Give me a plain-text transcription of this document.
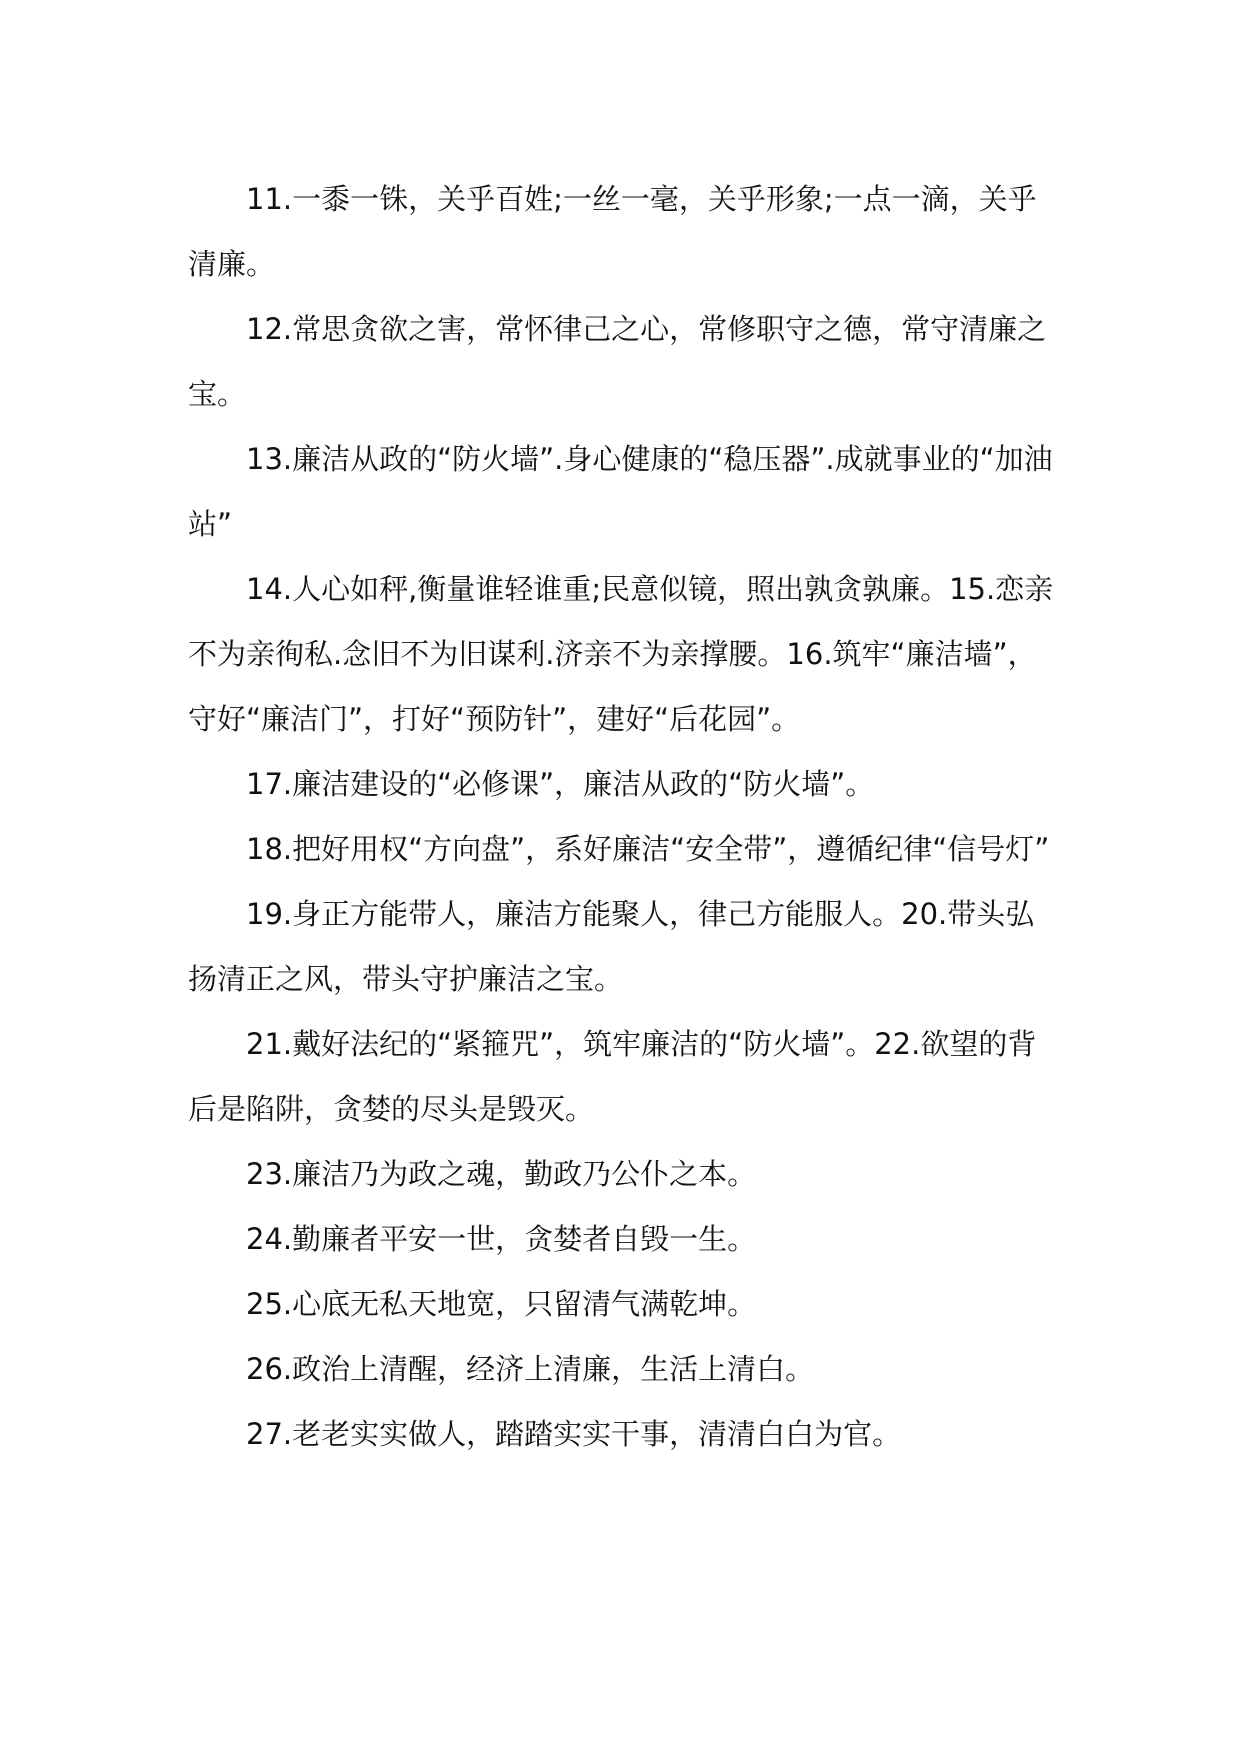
11.一黍一铢，关乎百姓;一丝一毫，关乎形象;一点一滴，关乎清廉。

12.常思贪欲之害，常怀律己之心，常修职守之德，常守清廉之宝。

13.廉洁从政的“防火墙”.身心健康的“稳压器”.成就事业的“加油站”

14.人心如秤,衡量谁轻谁重;民意似镜，照出孰贪孰廉。15.恋亲不为亲徇私.念旧不为旧谋利.济亲不为亲撑腰。16.筑牢“廉洁墙”，守好“廉洁门”，打好“预防针”，建好“后花园”。

17.廉洁建设的“必修课”，廉洁从政的“防火墙”。

18.把好用权“方向盘”，系好廉洁“安全带”，遵循纪律“信号灯”

19.身正方能带人，廉洁方能聚人，律己方能服人。20.带头弘扬清正之风，带头守护廉洁之宝。

21.戴好法纪的“紧箍咒”，筑牢廉洁的“防火墙”。22.欲望的背后是陷阱，贪婪的尽头是毁灭。

23.廉洁乃为政之魂，勤政乃公仆之本。

24.勤廉者平安一世，贪婪者自毁一生。

25.心底无私天地宽，只留清气满乾坤。

26.政治上清醒，经济上清廉，生活上清白。

27.老老实实做人，踏踏实实干事，清清白白为官。
